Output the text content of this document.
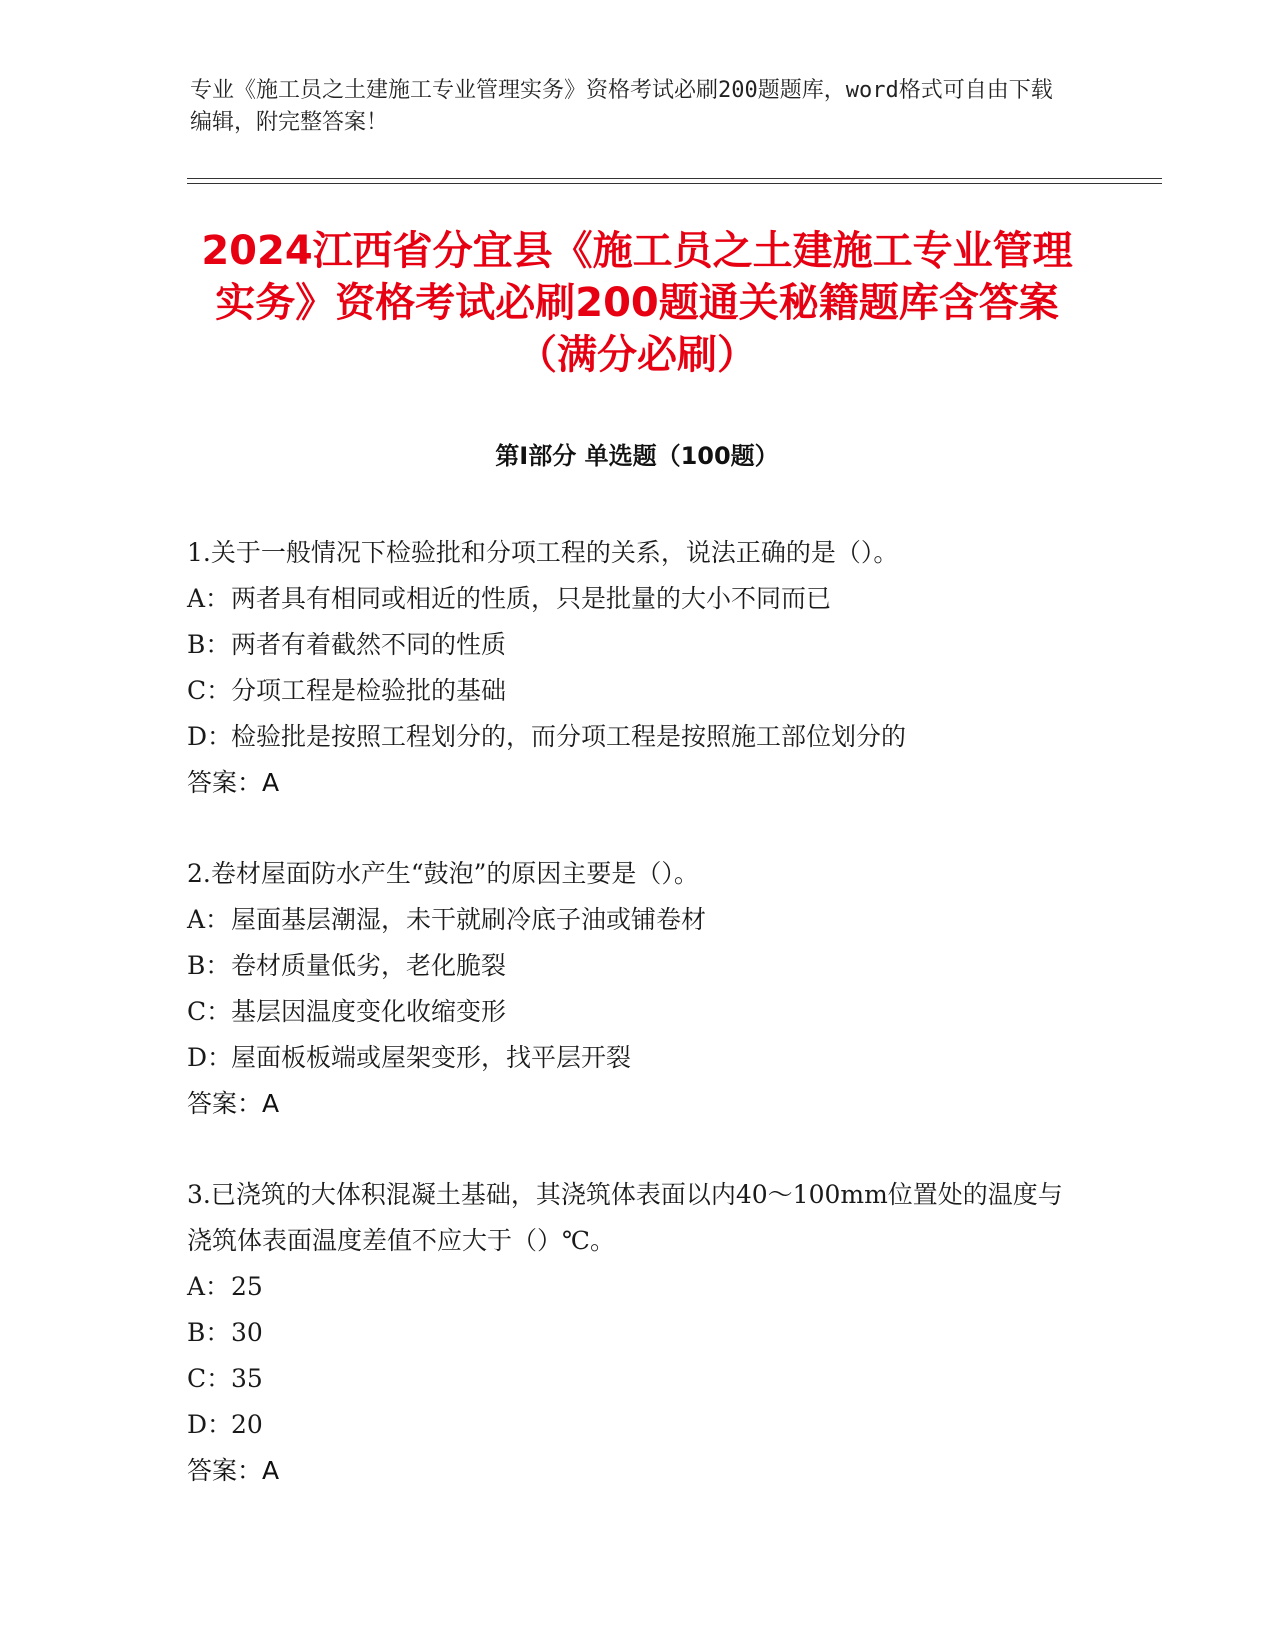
专业《施工员之土建施工专业管理实务》资格考试必刷200题题库，word格式可自由下载编辑，附完整答案！
2024江西省分宜县《施工员之土建施工专业管理实务》资格考试必刷200题通关秘籍题库含答案（满分必刷）
第I部分 单选题（100题）

1.关于一般情况下检验批和分项工程的关系，说法正确的是（）。

A：两者具有相同或相近的性质，只是批量的大小不同而已

B：两者有着截然不同的性质

C：分项工程是检验批的基础

D：检验批是按照工程划分的，而分项工程是按照施工部位划分的

答案：A

2.卷材屋面防水产生“鼓泡”的原因主要是（）。

A：屋面基层潮湿，未干就刷冷底子油或铺卷材

B：卷材质量低劣，老化脆裂

C：基层因温度变化收缩变形

D：屋面板板端或屋架变形，找平层开裂

答案：A

3.已浇筑的大体积混凝土基础，其浇筑体表面以内40～100mm位置处的温度与浇筑体表面温度差值不应大于（）℃。

A：25

B：30

C：35

D：20

答案：A
